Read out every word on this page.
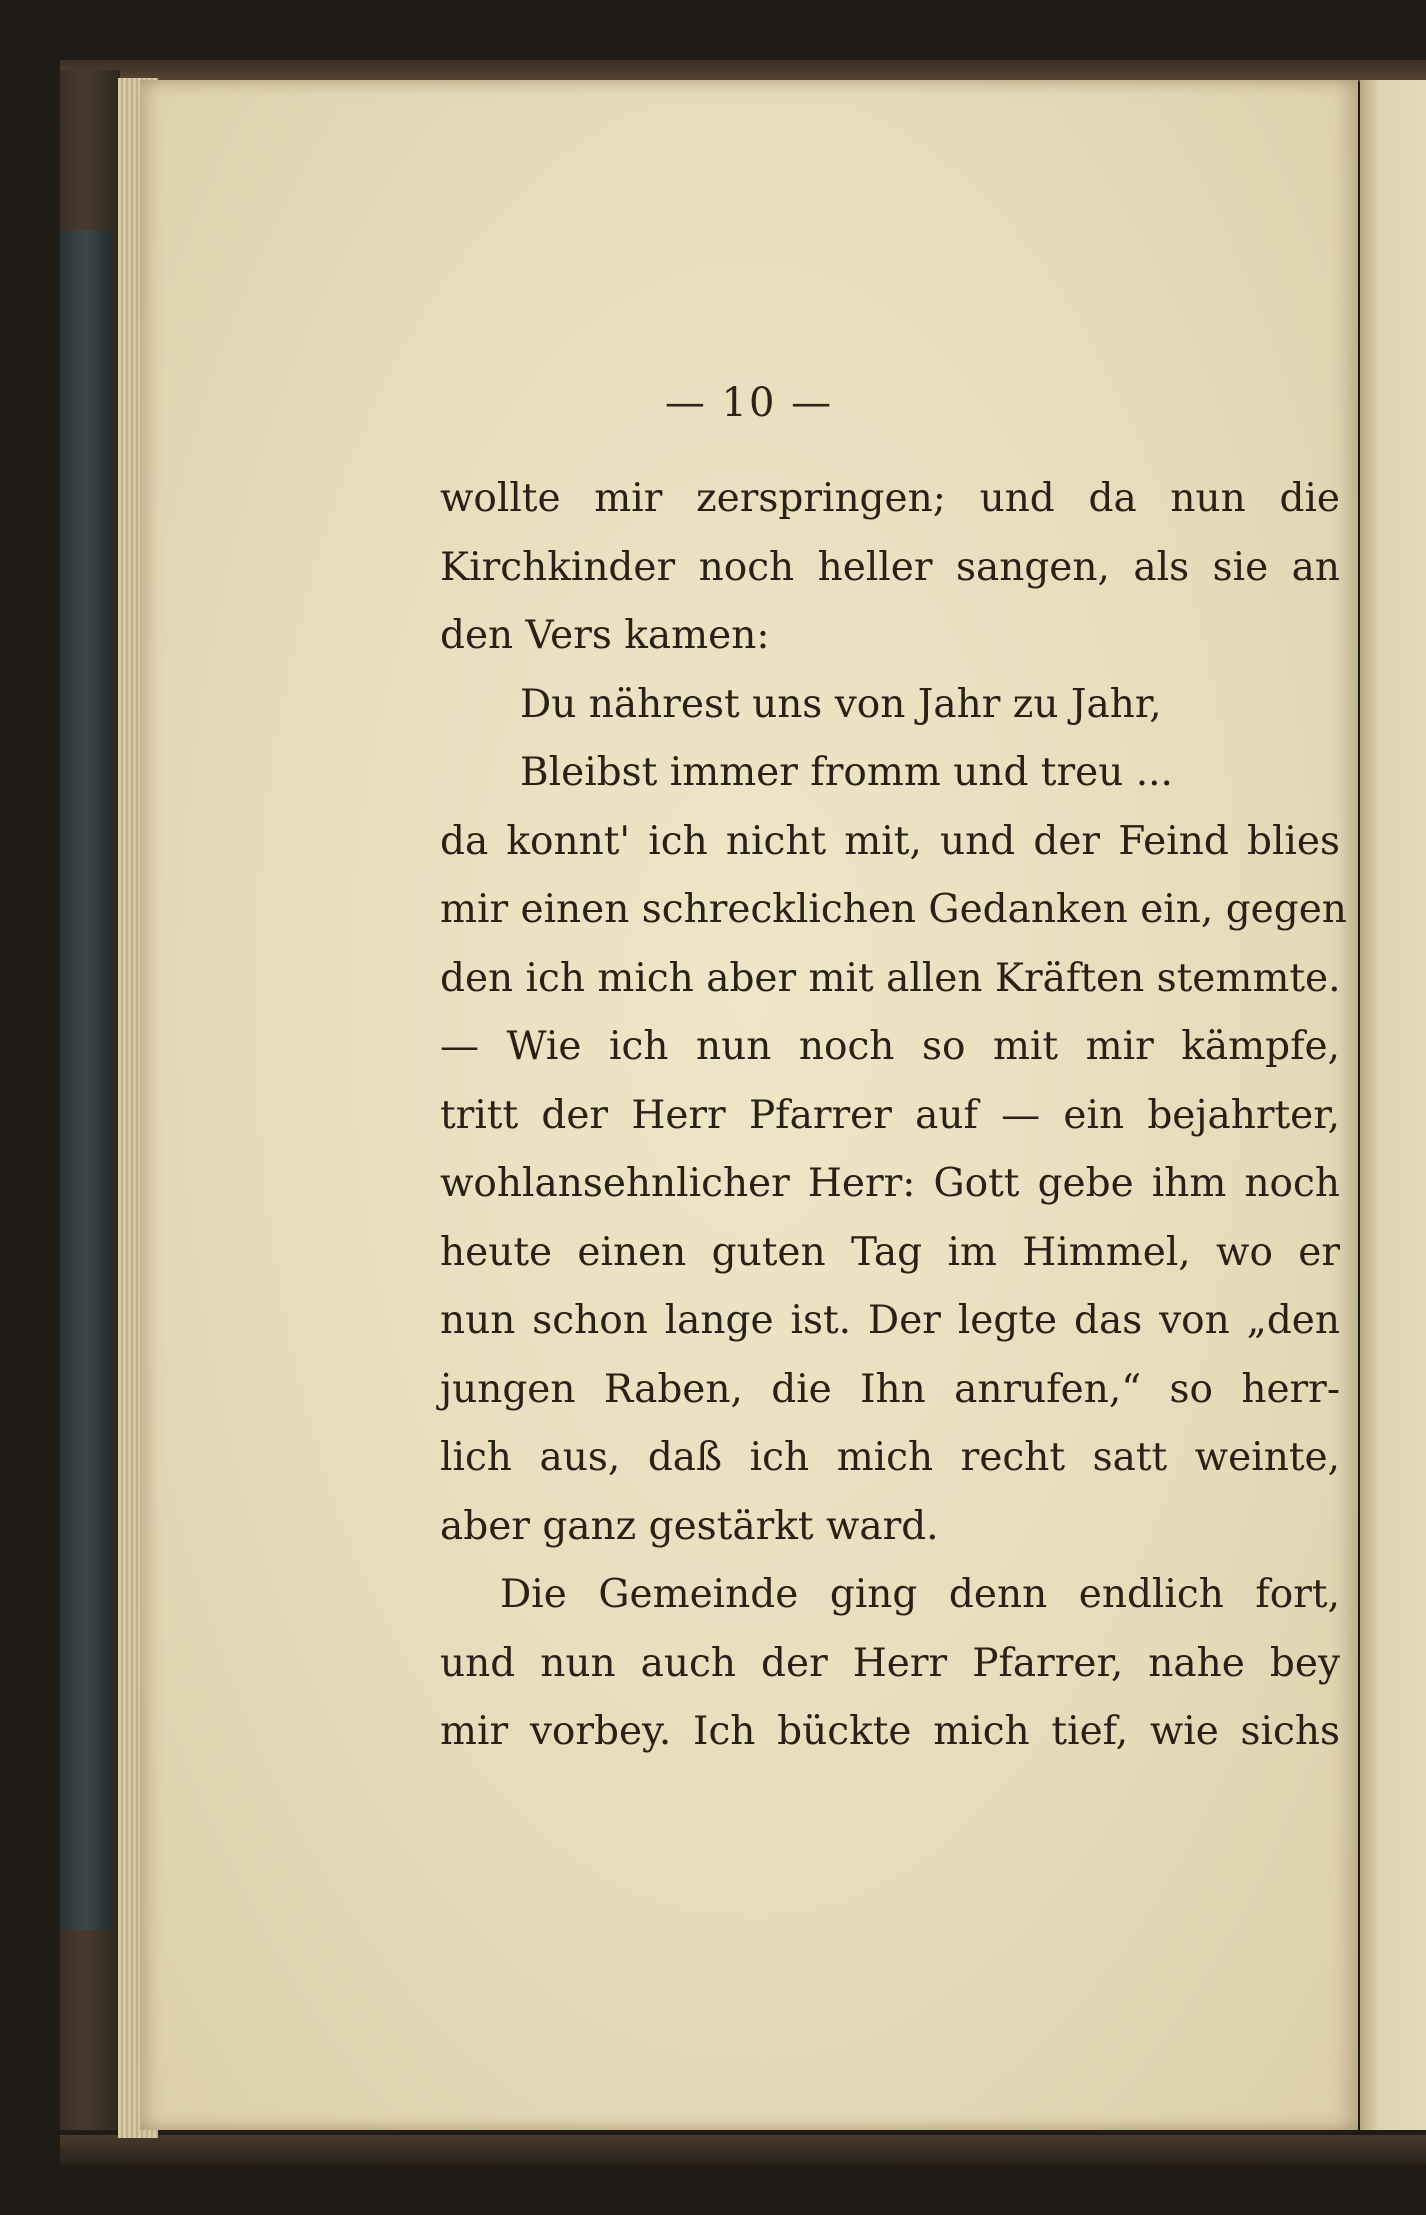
— 10 —
wollte mir zerspringen; und da nun die
Kirchkinder noch heller sangen, als sie an
den Vers kamen:
Du nährest uns von Jahr zu Jahr,
Bleibst immer fromm und treu ...
da konnt' ich nicht mit, und der Feind blies
mir einen schrecklichen Gedanken ein, gegen
den ich mich aber mit allen Kräften stemmte.
— Wie ich nun noch so mit mir kämpfe,
tritt der Herr Pfarrer auf — ein bejahrter,
wohlansehnlicher Herr: Gott gebe ihm noch
heute einen guten Tag im Himmel, wo er
nun schon lange ist. Der legte das von „den
jungen Raben, die Ihn anrufen,“ so herr-
lich aus, daß ich mich recht satt weinte,
aber ganz gestärkt ward.
Die Gemeinde ging denn endlich fort,
und nun auch der Herr Pfarrer, nahe bey
mir vorbey. Ich bückte mich tief, wie sichs
